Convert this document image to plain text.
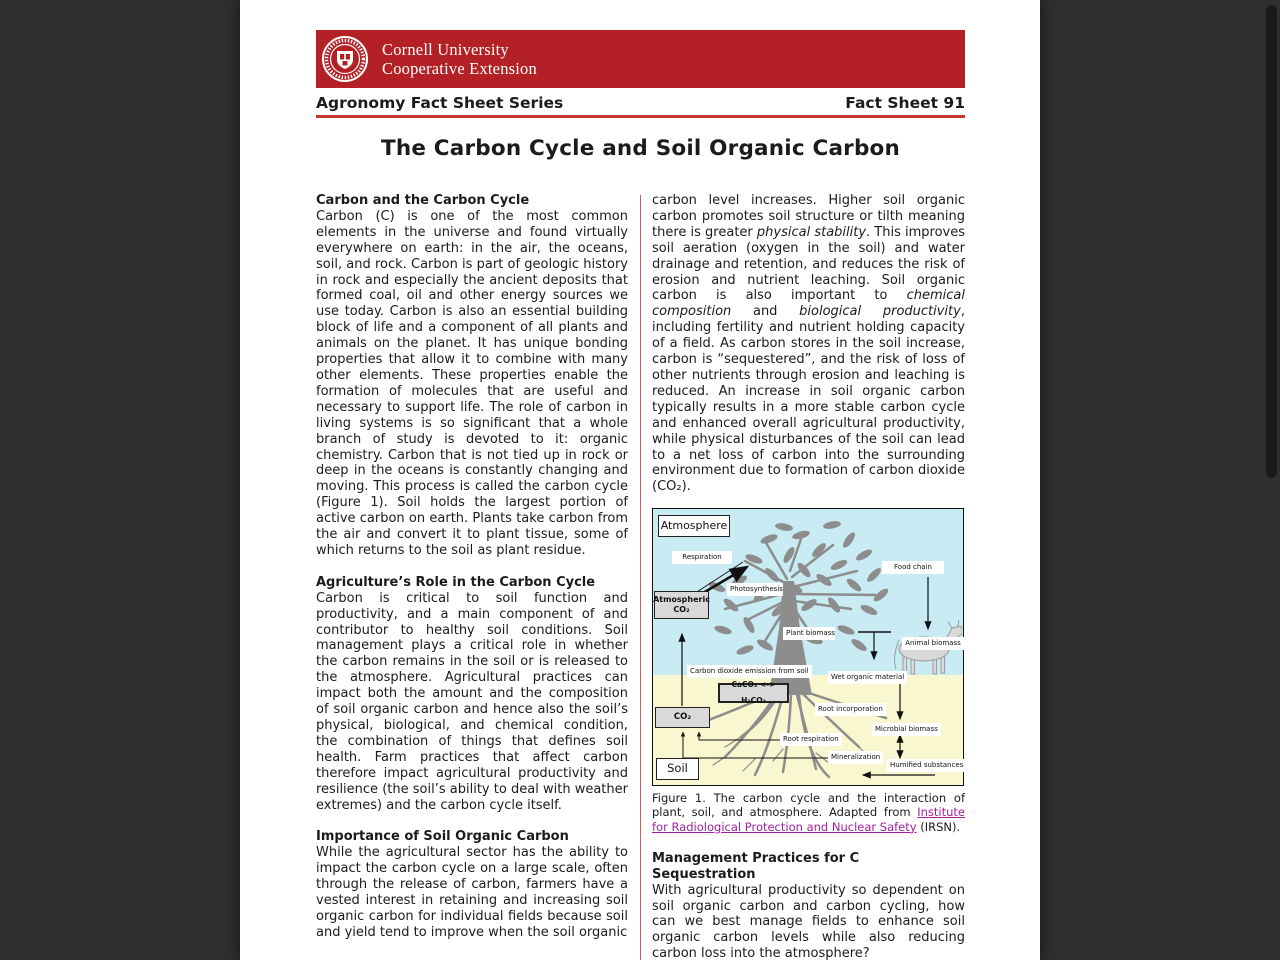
Cornell University
Cooperative Extension
Agronomy Fact Sheet Series	Fact Sheet 91
The Carbon Cycle and Soil Organic Carbon
Carbon and the Carbon Cycle

Carbon (C) is one of the most common elements in the universe and found virtually everywhere on earth: in the air, the oceans, soil, and rock. Carbon is part of geologic history in rock and especially the ancient deposits that formed coal, oil and other energy sources we use today. Carbon is also an essential building block of life and a component of all plants and animals on the planet. It has unique bonding properties that allow it to combine with many other elements. These properties enable the formation of molecules that are useful and necessary to support life. The role of carbon in living systems is so significant that a whole branch of study is devoted to it: organic chemistry. Carbon that is not tied up in rock or deep in the oceans is constantly changing and moving. This process is called the carbon cycle (Figure 1). Soil holds the largest portion of active carbon on earth. Plants take carbon from the air and convert it to plant tissue, some of which returns to the soil as plant residue.

Agriculture’s Role in the Carbon Cycle

Carbon is critical to soil function and productivity, and a main component of and contributor to healthy soil conditions. Soil management plays a critical role in whether the carbon remains in the soil or is released to the atmosphere. Agricultural practices can impact both the amount and the composition of soil organic carbon and hence also the soil’s physical, biological, and chemical condition, the combination of things that defines soil health. Farm practices that affect carbon therefore impact agricultural productivity and resilience (the soil’s ability to deal with weather extremes) and the carbon cycle itself.

Importance of Soil Organic Carbon

While the agricultural sector has the ability to impact the carbon cycle on a large scale, often through the release of carbon, farmers have a vested interest in retaining and increasing soil organic carbon for individual fields because soil and yield tend to improve when the soil organic

carbon level increases. Higher soil organic carbon promotes soil structure or tilth meaning there is greater physical stability. This improves soil aeration (oxygen in the soil) and water drainage and retention, and reduces the risk of erosion and nutrient leaching. Soil organic carbon is also important to chemical composition and biological productivity, including fertility and nutrient holding capacity of a field. As carbon stores in the soil increase, carbon is “sequestered”, and the risk of loss of other nutrients through erosion and leaching is reduced. An increase in soil organic carbon typically results in a more stable carbon cycle and enhanced overall agricultural productivity, while physical disturbances of the soil can lead to a net loss of carbon into the surrounding environment due to formation of carbon dioxide (CO₂).

Atmosphere
Respiration
Photosynthesis
Atmospheric
CO₂
Food chain
Plant biomass
Animal biomass
Carbon dioxide emission from soil
CaCO₃ <-> H₂CO₃
CO₂
Wet organic material
Root incorporation
Root respiration
Microbial biomass
Mineralization
Humified substances
Soil

Figure 1. The carbon cycle and the interaction of plant, soil, and atmosphere. Adapted from Institute for Radiological Protection and Nuclear Safety (IRSN).

Management Practices for C Sequestration

With agricultural productivity so dependent on soil organic carbon and carbon cycling, how can we best manage fields to enhance soil organic carbon levels while also reducing carbon loss into the atmosphere?
